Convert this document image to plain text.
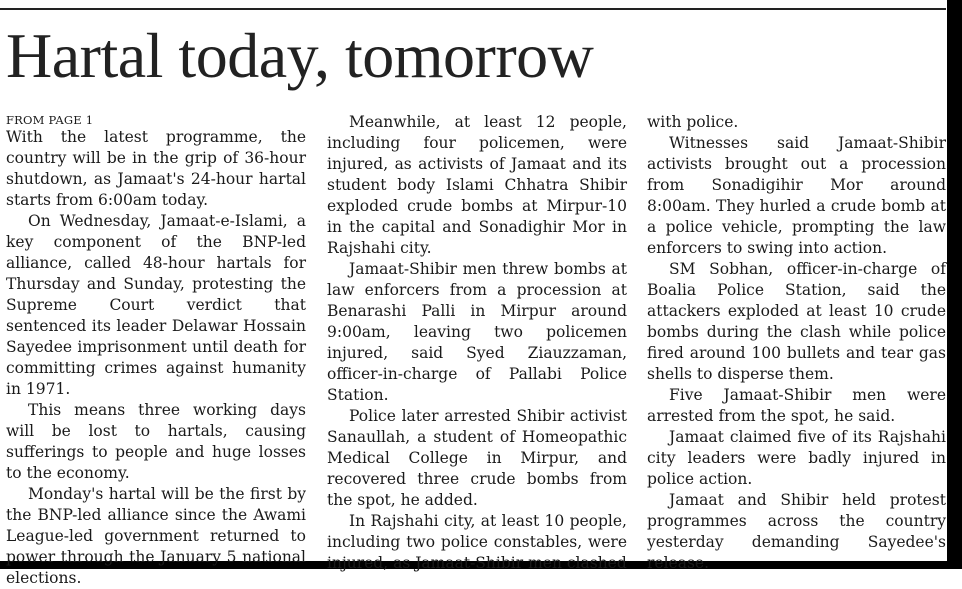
Hartal today, tomorrow
FROM PAGE 1

With the latest programme, the country will be in the grip of 36-hour shutdown, as Jamaat's 24-hour hartal starts from 6:00am today.

On Wednesday, Jamaat-e-Islami, a key component of the BNP-led alliance, called 48-hour hartals for Thursday and Sunday, protesting the Supreme Court verdict that sentenced its leader Delawar Hossain Sayedee imprisonment until death for committing crimes against humanity in 1971.

This means three working days will be lost to hartals, causing sufferings to people and huge losses to the economy.

Monday's hartal will be the first by the BNP-led alliance since the Awami League-led government returned to power through the January 5 national elections.

Meanwhile, at least 12 people, including four policemen, were injured, as activists of Jamaat and its student body Islami Chhatra Shibir exploded crude bombs at Mirpur-10 in the capital and Sonadighir Mor in Rajshahi city.

Jamaat-Shibir men threw bombs at law enforcers from a procession at Benarashi Palli in Mirpur around 9:00am, leaving two policemen injured, said Syed Ziauzzaman, officer-in-charge of Pallabi Police Station.

Police later arrested Shibir activist Sanaullah, a student of Homeopathic Medical College in Mirpur, and recovered three crude bombs from the spot, he added.

In Rajshahi city, at least 10 people, including two police constables, were injured, as Jamaat-Shibir men clashed

with police.

Witnesses said Jamaat-Shibir activists brought out a procession from Sonadigihir Mor around 8:00am. They hurled a crude bomb at a police vehicle, prompting the law enforcers to swing into action.

SM Sobhan, officer-in-charge of Boalia Police Station, said the attackers exploded at least 10 crude bombs during the clash while police fired around 100 bullets and tear gas shells to disperse them.

Five Jamaat-Shibir men were arrested from the spot, he said.

Jamaat claimed five of its Rajshahi city leaders were badly injured in police action.

Jamaat and Shibir held protest programmes across the country yesterday demanding Sayedee's release.
